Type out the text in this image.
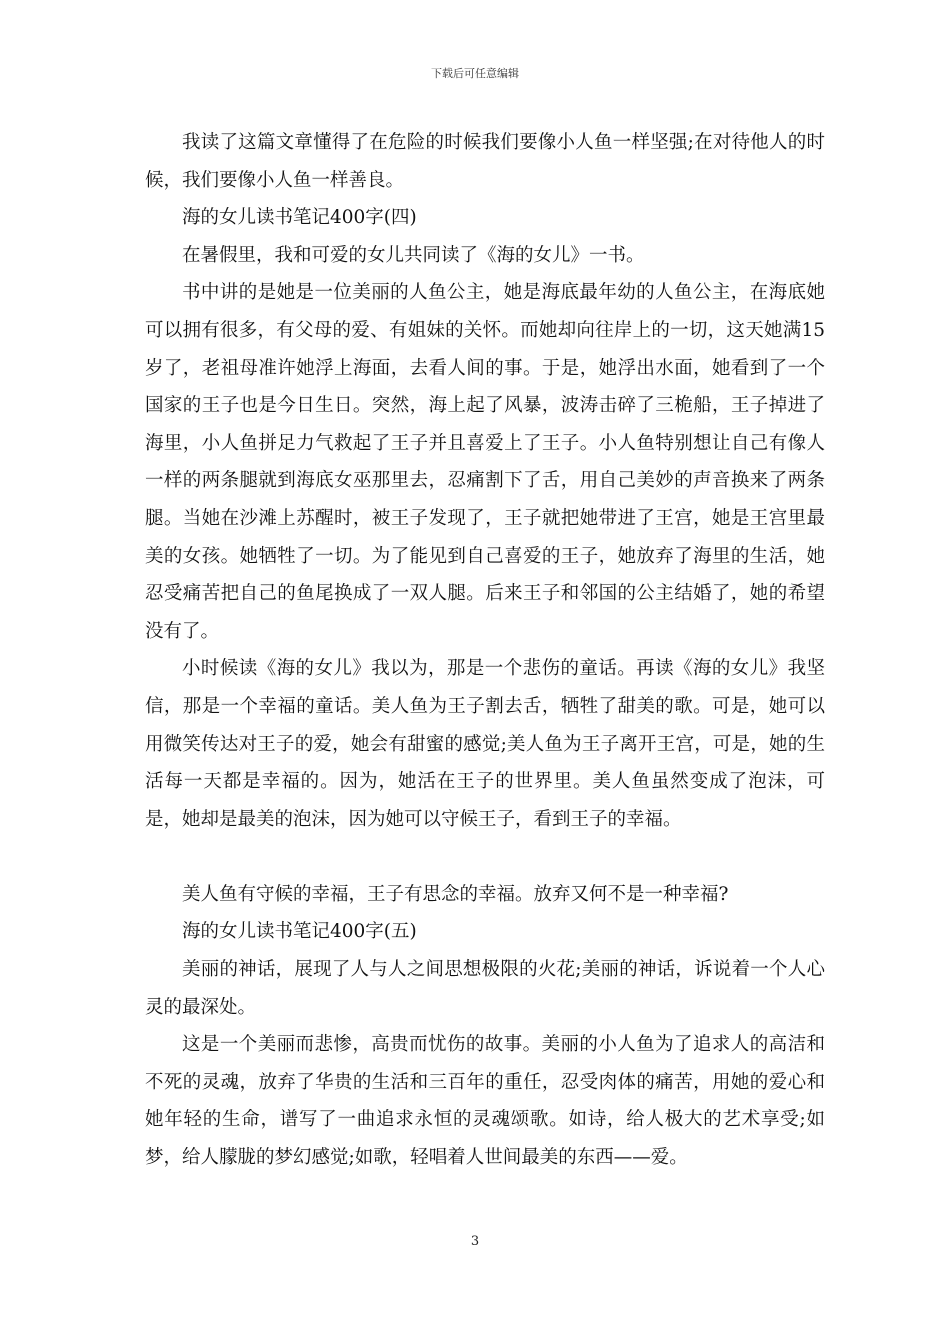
下载后可任意编辑

我读了这篇文章懂得了在危险的时候我们要像小人鱼一样坚强;在对待他人的时候，我们要像小人鱼一样善良。

海的女儿读书笔记400字(四)

在暑假里，我和可爱的女儿共同读了《海的女儿》一书。

书中讲的是她是一位美丽的人鱼公主，她是海底最年幼的人鱼公主，在海底她可以拥有很多，有父母的爱、有姐妹的关怀。而她却向往岸上的一切，这天她满15岁了，老祖母准许她浮上海面，去看人间的事。于是，她浮出水面，她看到了一个国家的王子也是今日生日。突然，海上起了风暴，波涛击碎了三桅船，王子掉进了海里，小人鱼拼足力气救起了王子并且喜爱上了王子。小人鱼特别想让自己有像人一样的两条腿就到海底女巫那里去，忍痛割下了舌，用自己美妙的声音换来了两条腿。当她在沙滩上苏醒时，被王子发现了，王子就把她带进了王宫，她是王宫里最美的女孩。她牺牲了一切。为了能见到自己喜爱的王子，她放弃了海里的生活，她忍受痛苦把自己的鱼尾换成了一双人腿。后来王子和邻国的公主结婚了，她的希望没有了。

小时候读《海的女儿》我以为，那是一个悲伤的童话。再读《海的女儿》我坚信，那是一个幸福的童话。美人鱼为王子割去舌，牺牲了甜美的歌。可是，她可以用微笑传达对王子的爱，她会有甜蜜的感觉;美人鱼为王子离开王宫，可是，她的生活每一天都是幸福的。因为，她活在王子的世界里。美人鱼虽然变成了泡沫，可是，她却是最美的泡沫，因为她可以守候王子，看到王子的幸福。

美人鱼有守候的幸福，王子有思念的幸福。放弃又何不是一种幸福?

海的女儿读书笔记400字(五)

美丽的神话，展现了人与人之间思想极限的火花;美丽的神话，诉说着一个人心灵的最深处。

这是一个美丽而悲惨，高贵而忧伤的故事。美丽的小人鱼为了追求人的高洁和不死的灵魂，放弃了华贵的生活和三百年的重任，忍受肉体的痛苦，用她的爱心和她年轻的生命，谱写了一曲追求永恒的灵魂颂歌。如诗，给人极大的艺术享受;如梦，给人朦胧的梦幻感觉;如歌，轻唱着人世间最美的东西——爱。

3
